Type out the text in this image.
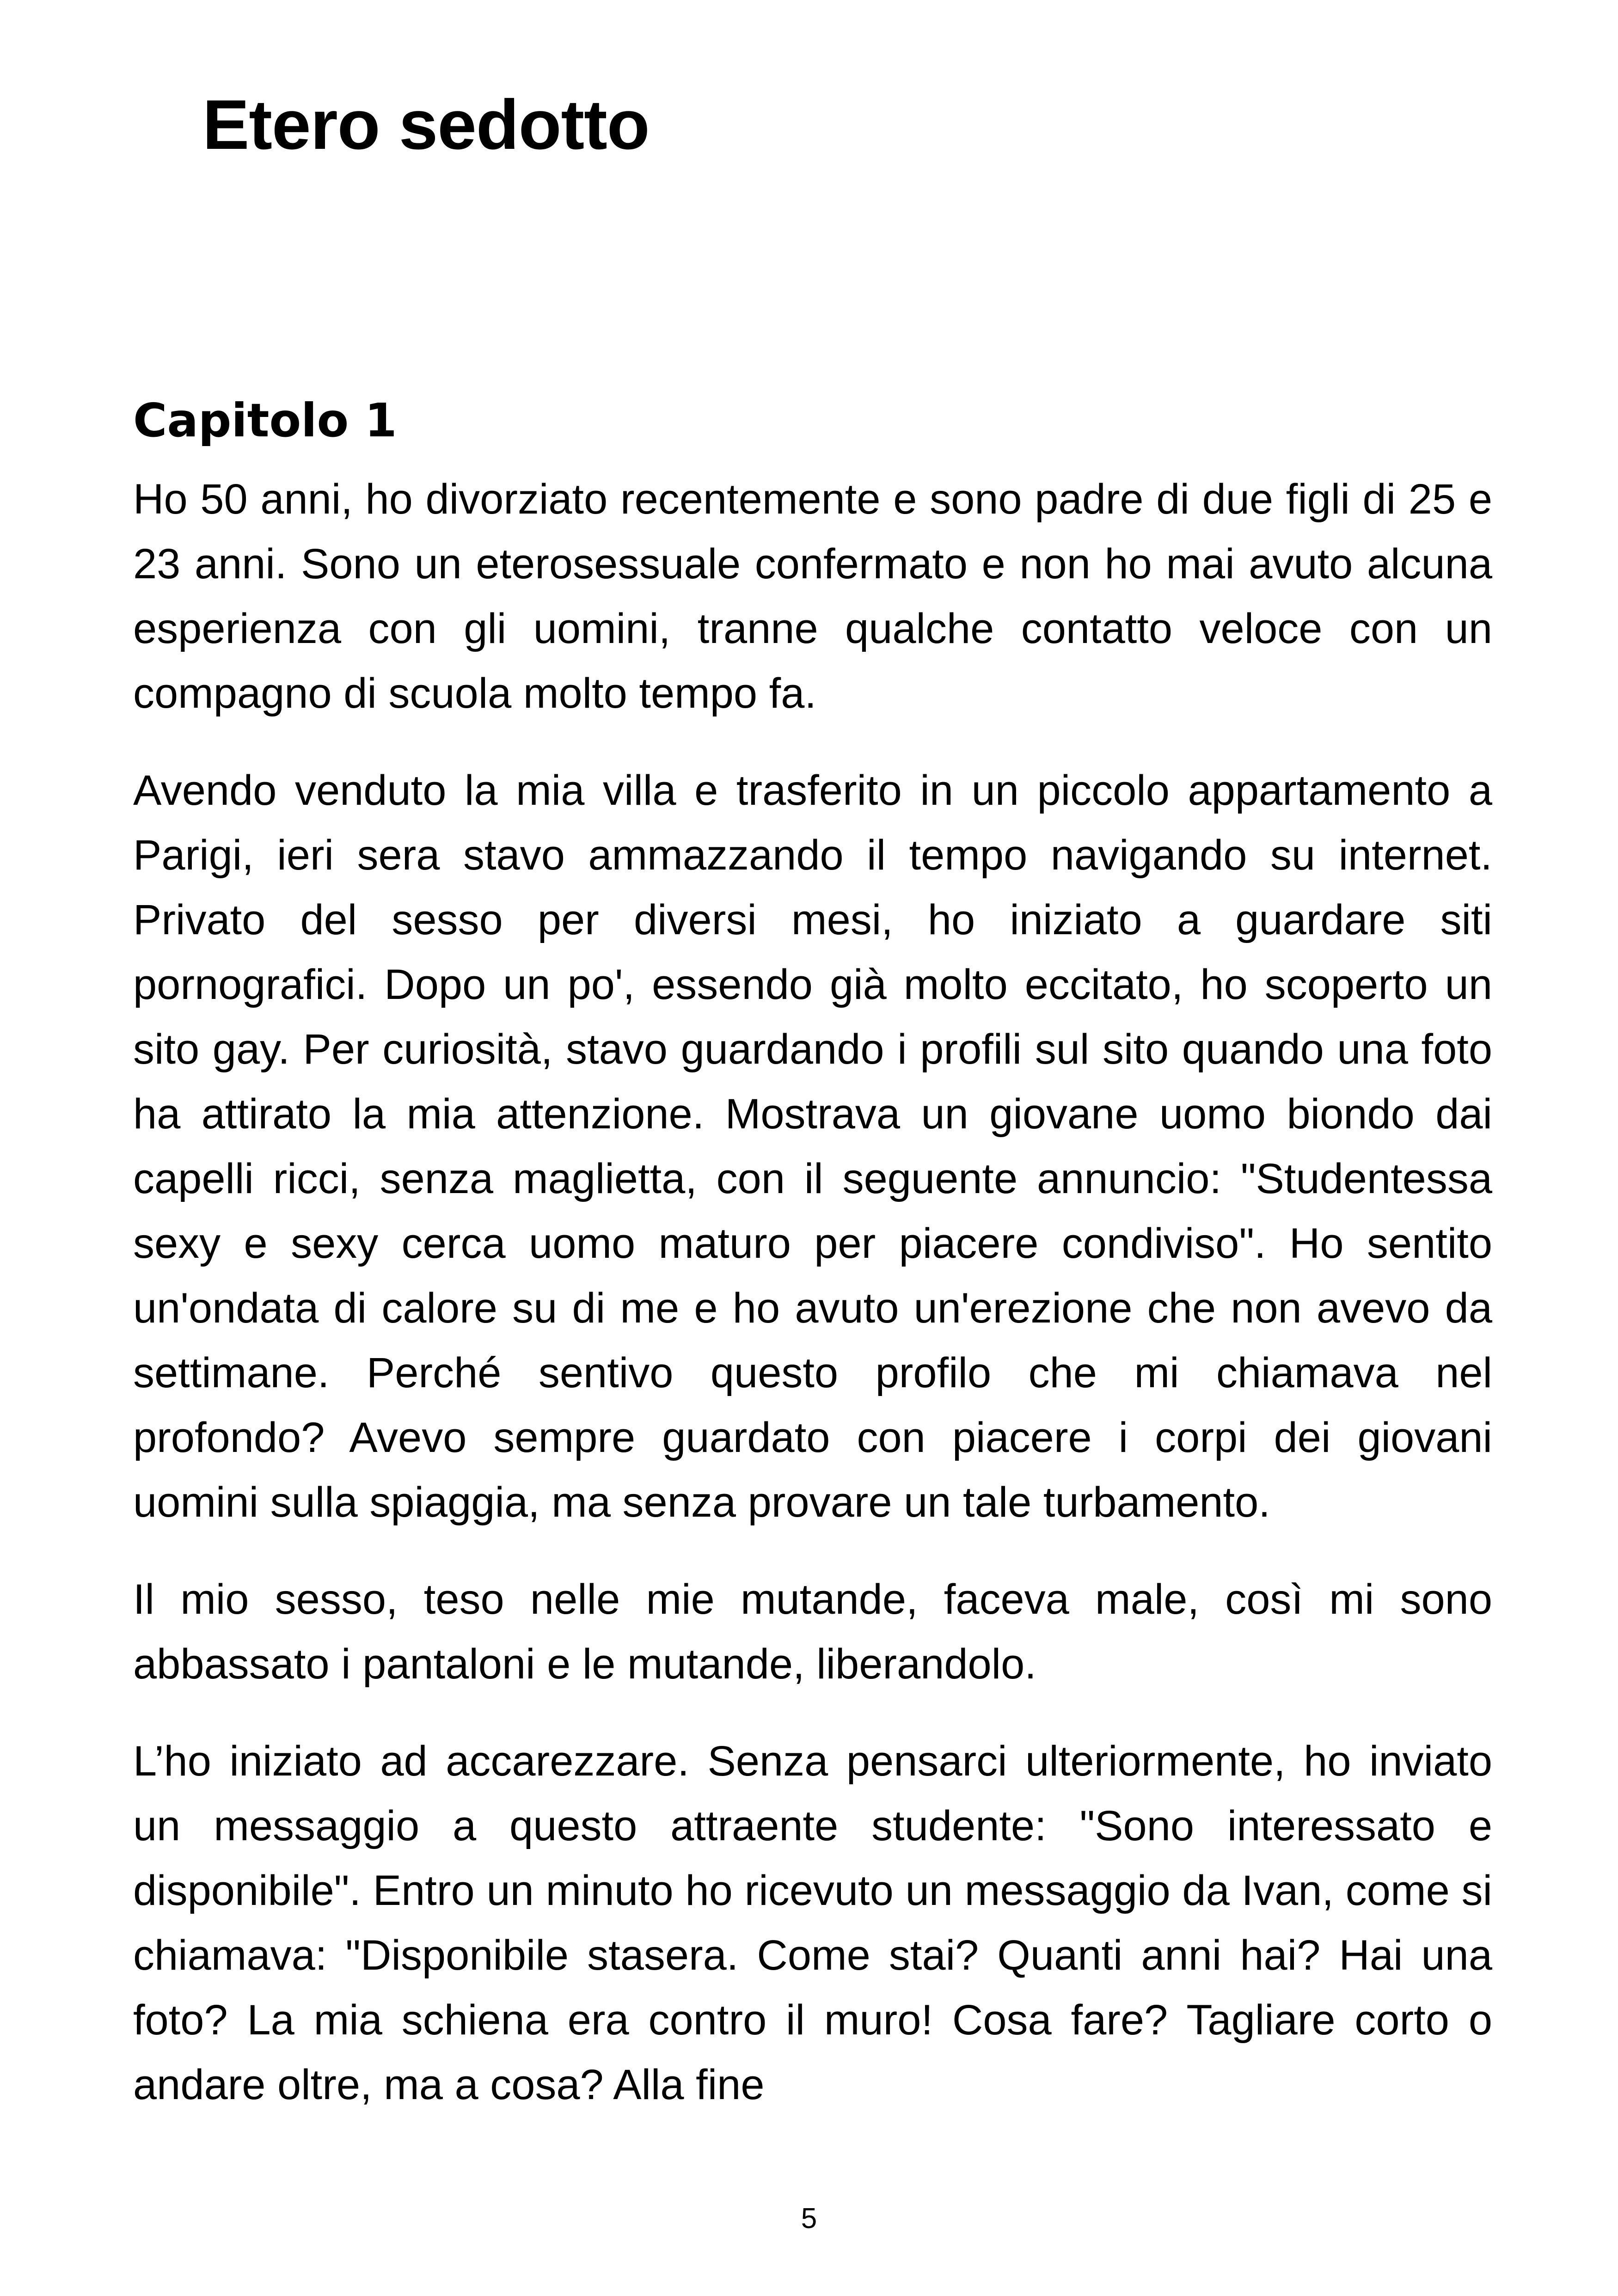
Etero sedotto
Capitolo 1

Ho 50 anni, ho divorziato recentemente e sono padre di due figli di 25 e 23 anni. Sono un eterosessuale confermato e non ho mai avuto alcuna esperienza con gli uomini, tranne qualche contatto veloce con un compagno di scuola molto tempo fa.

Avendo venduto la mia villa e trasferito in un piccolo appartamento a Parigi, ieri sera stavo ammazzando il tempo navigando su internet. Privato del sesso per diversi mesi, ho iniziato a guardare siti pornografici. Dopo un po', essendo già molto eccitato, ho scoperto un sito gay. Per curiosità, stavo guardando i profili sul sito quando una foto ha attirato la mia attenzione. Mostrava un giovane uomo biondo dai capelli ricci, senza maglietta, con il seguente annuncio: "Studentessa sexy e sexy cerca uomo maturo per piacere condiviso". Ho sentito un'ondata di calore su di me e ho avuto un'erezione che non avevo da settimane. Perché sentivo questo profilo che mi chiamava nel profondo? Avevo sempre guardato con piacere i corpi dei giovani uomini sulla spiaggia, ma senza provare un tale turbamento.

Il mio sesso, teso nelle mie mutande, faceva male, così mi sono abbassato i pantaloni e le mutande, liberandolo.

L’ho iniziato ad accarezzare. Senza pensarci ulteriormente, ho inviato un messaggio a questo attraente studente: "Sono interessato e disponibile". Entro un minuto ho ricevuto un messaggio da Ivan, come si chiamava: "Disponibile stasera. Come stai? Quanti anni hai? Hai una foto? La mia schiena era contro il muro! Cosa fare? Tagliare corto o andare oltre, ma a cosa? Alla fine

5
